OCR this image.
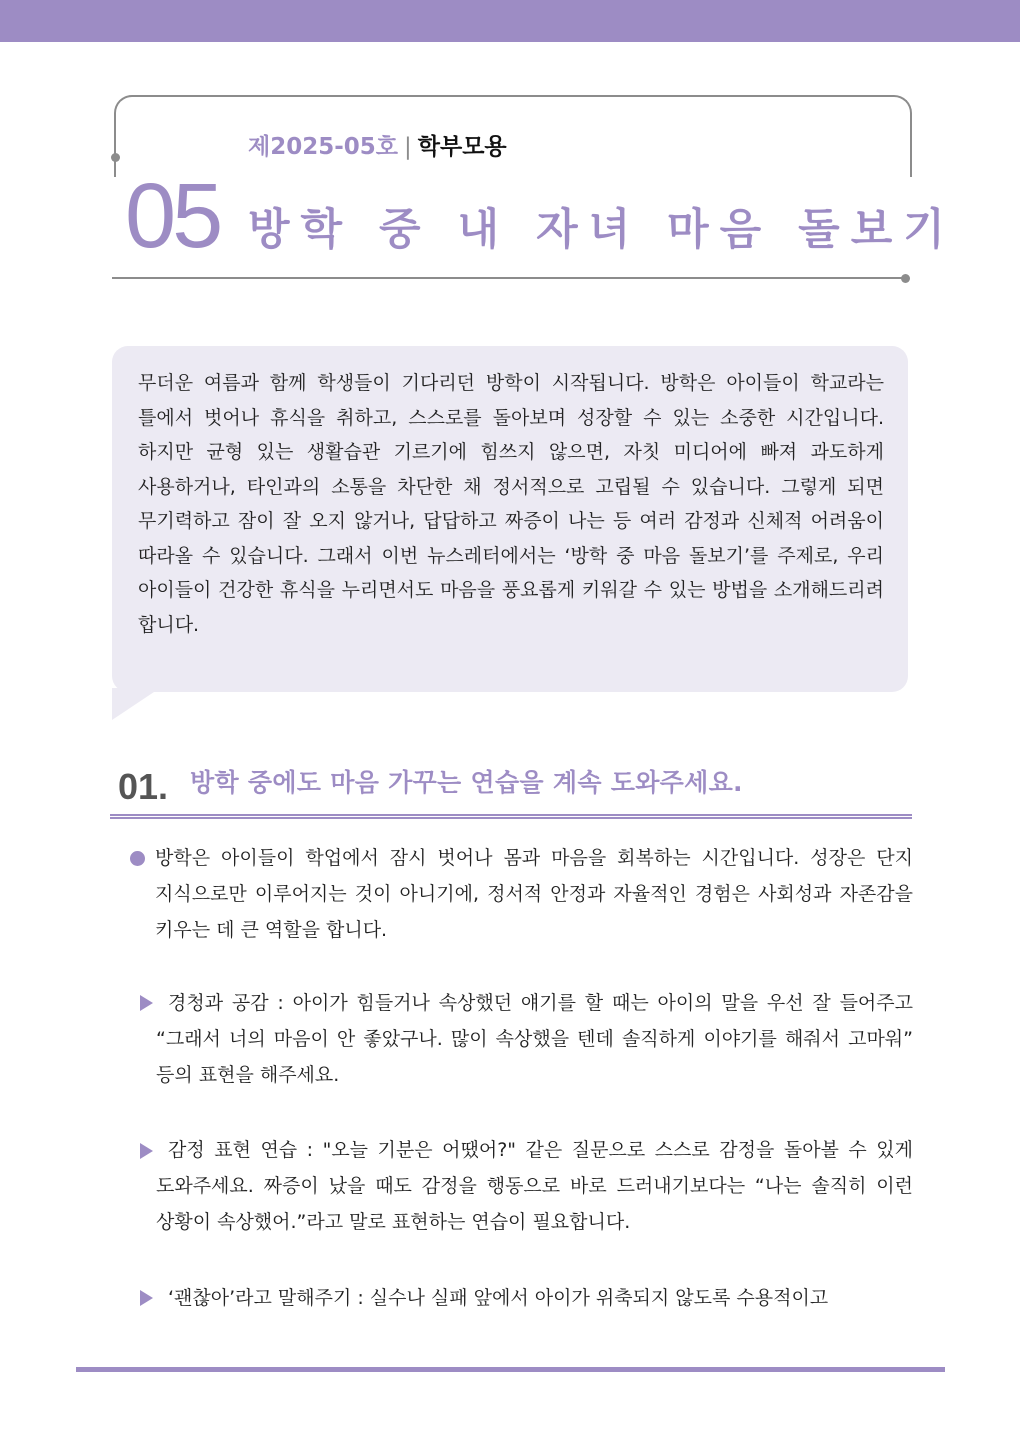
제2025-05호 | 학부모용
05 방학 중 내 자녀 마음 돌보기
무더운 여름과 함께 학생들이 기다리던 방학이 시작됩니다. 방학은 아이들이 학교라는 틀에서 벗어나 휴식을 취하고, 스스로를 돌아보며 성장할 수 있는 소중한 시간입니다. 하지만 균형 있는 생활습관 기르기에 힘쓰지 않으면, 자칫 미디어에 빠져 과도하게 사용하거나, 타인과의 소통을 차단한 채 정서적으로 고립될 수 있습니다. 그렇게 되면 무기력하고 잠이 잘 오지 않거나, 답답하고 짜증이 나는 등 여러 감정과 신체적 어려움이 따라올 수 있습니다. 그래서 이번 뉴스레터에서는 ‘방학 중 마음 돌보기’를 주제로, 우리 아이들이 건강한 휴식을 누리면서도 마음을 풍요롭게 키워갈 수 있는 방법을 소개해드리려 합니다.
01. 방학 중에도 마음 가꾸는 연습을 계속 도와주세요.
방학은 아이들이 학업에서 잠시 벗어나 몸과 마음을 회복하는 시간입니다. 성장은 단지 지식으로만 이루어지는 것이 아니기에, 정서적 안정과 자율적인 경험은 사회성과 자존감을 키우는 데 큰 역할을 합니다.
경청과 공감 : 아이가 힘들거나 속상했던 얘기를 할 때는 아이의 말을 우선 잘 들어주고 “그래서 너의 마음이 안 좋았구나. 많이 속상했을 텐데 솔직하게 이야기를 해줘서 고마워” 등의 표현을 해주세요.
감정 표현 연습 : "오늘 기분은 어땠어?" 같은 질문으로 스스로 감정을 돌아볼 수 있게 도와주세요. 짜증이 났을 때도 감정을 행동으로 바로 드러내기보다는 “나는 솔직히 이런 상황이 속상했어.”라고 말로 표현하는 연습이 필요합니다.
‘괜찮아’라고 말해주기 : 실수나 실패 앞에서 아이가 위축되지 않도록 수용적이고
